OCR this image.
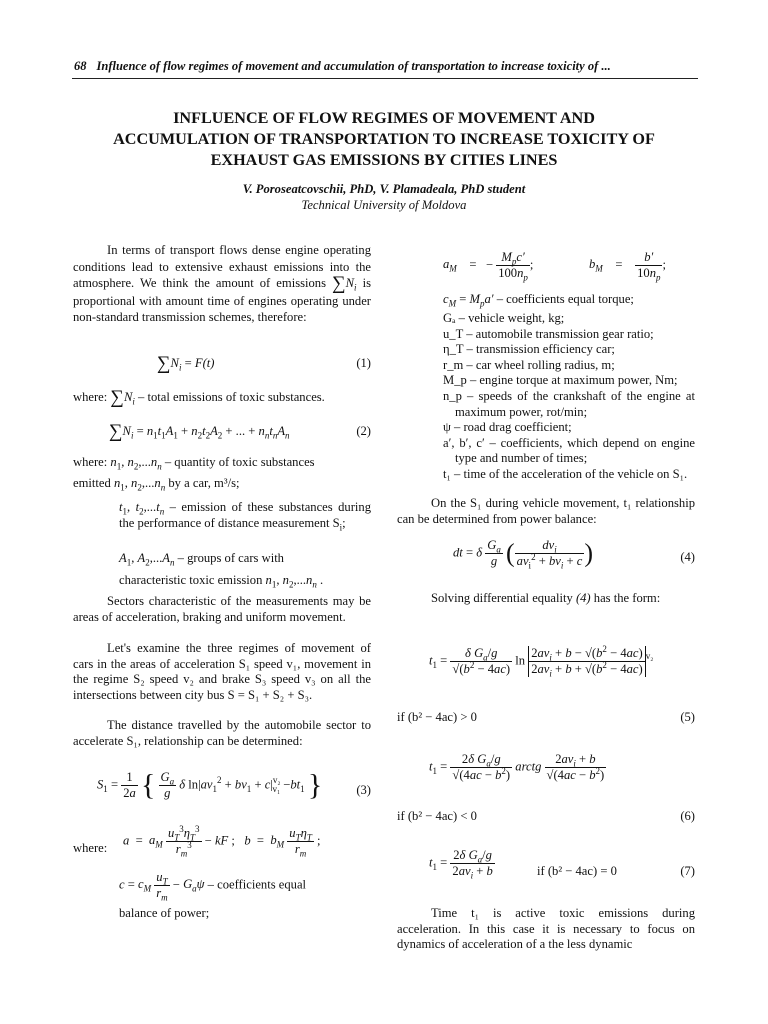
68 Influence of flow regimes of movement and accumulation of transportation to increase toxicity of ...
INFLUENCE OF FLOW REGIMES OF MOVEMENT AND
ACCUMULATION OF TRANSPORTATION TO INCREASE TOXICITY OF
EXHAUST GAS EMISSIONS BY CITIES LINES
V. Poroseatcovschii, PhD, V. Plamadeala, PhD student
Technical University of Moldova

In terms of transport flows dense engine operating conditions lead to extensive exhaust emissions into the atmosphere. We think the amount of emissions $\sum N_i$ is proportional with amount time of engines operating under non-standard transmission schemes, therefore:

$\sum N_i = F(t)$	(1)
where: $\sum N_i$ – total emissions of toxic substances.
$\sum N_i = n_1t_1A_1 + n_2t_2A_2$ + ... + $n_nt_nA_n$	(2)
where: $n_1$, $n_2,...n_n$ – quantity of toxic substances
emitted $n_1$, $n_2,...n_n$ by a car, m³/s;
$t_1$, $t_2,...t_n$ – emission of these substances during the performance of distance measurement $S_i$;
$A_1$, $A_2,...A_n$ – groups of cars with
characteristic toxic emission $n_1$, $n_2,...n_n$ .

Sectors characteristic of the measurements may be areas of acceleration, braking and uniform movement.

Let's examine the three regimes of movement of cars in the areas of acceleration S₁ speed v₁, movement in the regime S₂ speed v₂ and brake S₃ speed v₃ on all the intersections between city bus S = S₁ + S₂ + S₃.

The distance travelled by the automobile sector to accelerate S₁, relationship can be determined:

$S_1 = \frac{1}{2a}$ { $\frac{G_a}{g}$ δ $\ln|av_1^2 + bv_1 + c|^{v_2}_{v_1} -bt_1$ }	(3)
where:
$a = a_M \frac{u_T^3\eta_T^3}{r_m^3}$ − kF ;   $b = b_M \frac{u_T\eta_T}{r_m}$ ;
$c = c_M \frac{u_T}{r_m} - G_a\psi$ – coefficients equal
balance of power;
$a_M$    =   − $\frac{M_pc'}{100n_p}$ ;	$b_M$    = $\frac{b'}{10n_p}$ ;
$c_M = M_pa'$ – coefficients equal torque;
Gₐ – vehicle weight, kg;
u_T – automobile transmission gear ratio;
η_T – transmission efficiency car;
r_m – car wheel rolling radius, m;
M_p – engine torque at maximum power, Nm;
n_p – speeds of the crankshaft of the engine at maximum power, rot/min;
ψ – road drag coefficient;
a′, b′, c′ – coefficients, which depend on engine type and number of times;
t₁ – time of the acceleration of the vehicle on S₁.

On the S₁ during vehicle movement, t₁ relationship can be determined from power balance:

dt = δ $\frac{G_a}{g}$ ( $\frac{dv_i}{av_i^2 + bv_i + c}$ )	(4)

Solving differential equality (4) has the form:

$t_1 = \frac{\delta G_a/g}{√(b^2 - 4ac)}$ $\ln \frac{2av_i + b - √(b^2 - 4ac)}{2av_i + b + √(b^2 - 4ac)} ^{v_2}$
if (b² − 4ac) > 0	(5)
$t_1 = \frac{2\delta G_a/g}{√(4ac - b^2)}$ arctg $\frac{2av_i + b}{√(4ac - b^2)}$
if (b² − 4ac) < 0	(6)
$t_1 = \frac{2\delta G_a/g}{2av_i + b}$	if (b² − 4ac) = 0	(7)

Time t₁ is active toxic emissions during acceleration. In this case it is necessary to focus on dynamics of acceleration of a the less dynamic
